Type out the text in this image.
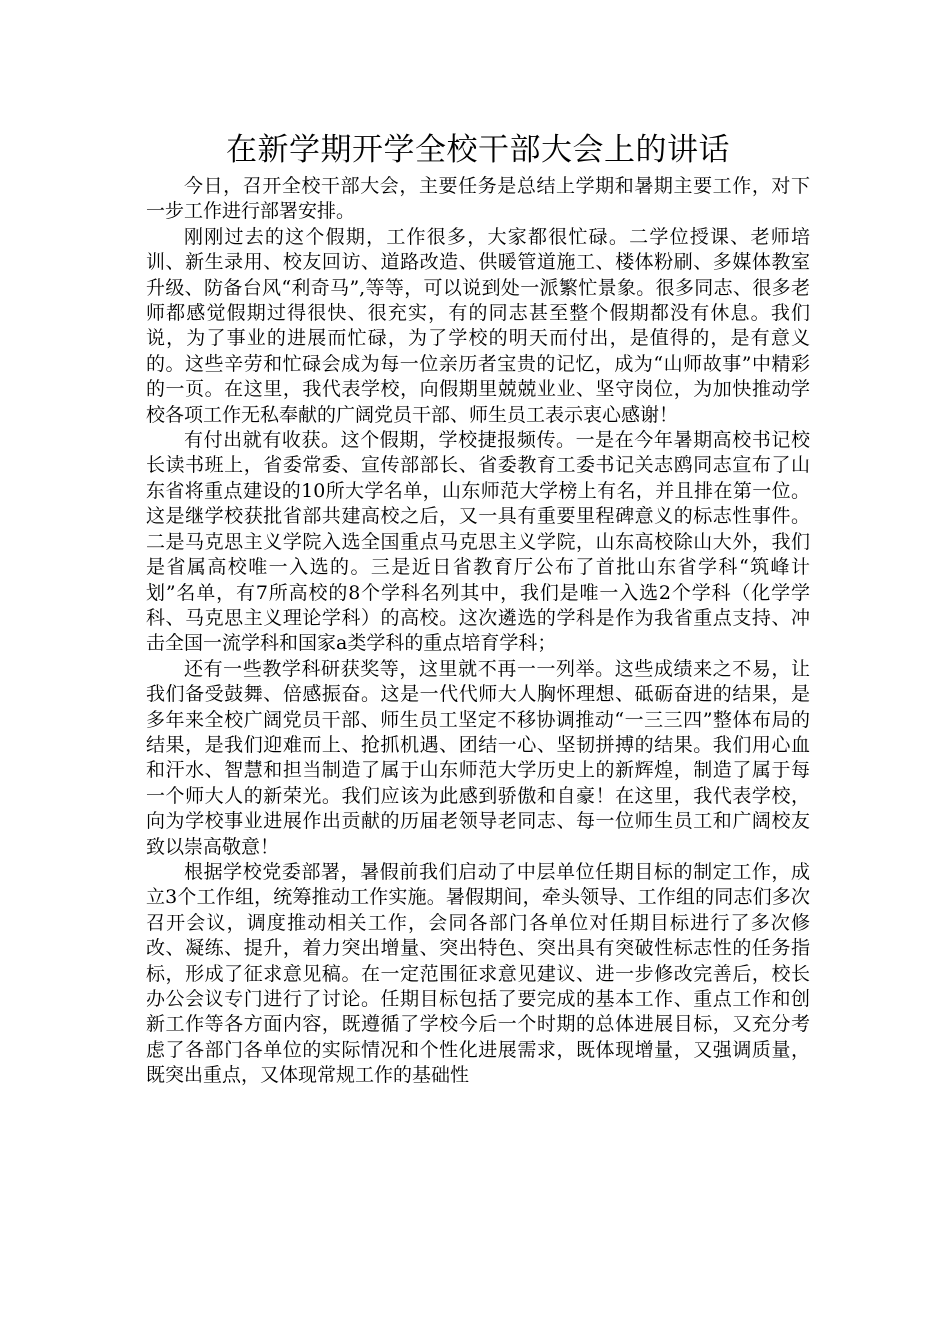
在新学期开学全校干部大会上的讲话

今日，召开全校干部大会，主要任务是总结上学期和暑期主要工作，对下一步工作进行部署安排。

刚刚过去的这个假期，工作很多，大家都很忙碌。二学位授课、老师培训、新生录用、校友回访、道路改造、供暖管道施工、楼体粉刷、多媒体教室升级、防备台风“利奇马”,等等，可以说到处一派繁忙景象。很多同志、很多老师都感觉假期过得很快、很充实，有的同志甚至整个假期都没有休息。我们说，为了事业的进展而忙碌，为了学校的明天而付出，是值得的，是有意义的。这些辛劳和忙碌会成为每一位亲历者宝贵的记忆，成为“山师故事”中精彩的一页。在这里，我代表学校，向假期里兢兢业业、坚守岗位，为加快推动学校各项工作无私奉献的广阔党员干部、师生员工表示衷心感谢！

有付出就有收获。这个假期，学校捷报频传。一是在今年暑期高校书记校长读书班上，省委常委、宣传部部长、省委教育工委书记关志鸥同志宣布了山东省将重点建设的10所大学名单，山东师范大学榜上有名，并且排在第一位。这是继学校获批省部共建高校之后，又一具有重要里程碑意义的标志性事件。二是马克思主义学院入选全国重点马克思主义学院，山东高校除山大外，我们是省属高校唯一入选的。三是近日省教育厅公布了首批山东省学科“筑峰计划”名单，有7所高校的8个学科名列其中，我们是唯一入选2个学科（化学学科、马克思主义理论学科）的高校。这次遴选的学科是作为我省重点支持、冲击全国一流学科和国家a类学科的重点培育学科；

还有一些教学科研获奖等，这里就不再一一列举。这些成绩来之不易，让我们备受鼓舞、倍感振奋。这是一代代师大人胸怀理想、砥砺奋进的结果，是多年来全校广阔党员干部、师生员工坚定不移协调推动“一三三四”整体布局的结果，是我们迎难而上、抢抓机遇、团结一心、坚韧拼搏的结果。我们用心血和汗水、智慧和担当制造了属于山东师范大学历史上的新辉煌，制造了属于每一个师大人的新荣光。我们应该为此感到骄傲和自豪！在这里，我代表学校，向为学校事业进展作出贡献的历届老领导老同志、每一位师生员工和广阔校友致以崇高敬意！

根据学校党委部署，暑假前我们启动了中层单位任期目标的制定工作，成立3个工作组，统筹推动工作实施。暑假期间，牵头领导、工作组的同志们多次召开会议，调度推动相关工作，会同各部门各单位对任期目标进行了多次修改、凝练、提升，着力突出增量、突出特色、突出具有突破性标志性的任务指标，形成了征求意见稿。在一定范围征求意见建议、进一步修改完善后，校长办公会议专门进行了讨论。任期目标包括了要完成的基本工作、重点工作和创新工作等各方面内容，既遵循了学校今后一个时期的总体进展目标，又充分考虑了各部门各单位的实际情况和个性化进展需求，既体现增量，又强调质量，既突出重点，又体现常规工作的基础性
